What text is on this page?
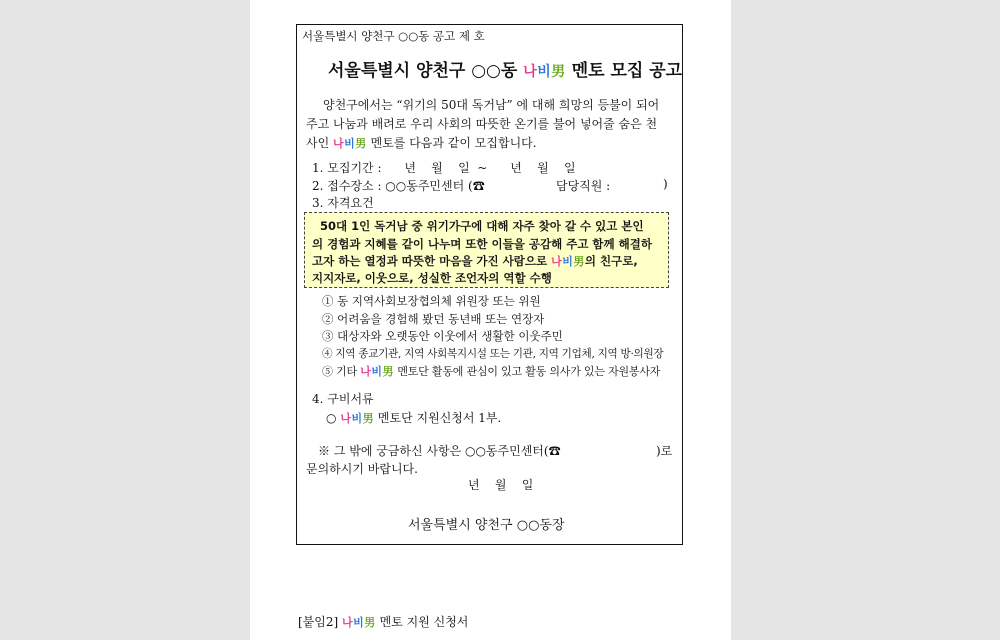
서울특별시 양천구 ○○동 공고 제 호
서울특별시 양천구 ○○동 나비男 멘토 모집 공고
양천구에서는 “위기의 50대 독거남” 에 대해 희망의 등불이 되어
주고 나눔과 배려로 우리 사회의 따뜻한 온기를 불어 넣어줄 숨은 천
사인 나비男 멘토를 다음과 같이 모집합니다.
1. 모집기간 :      년    월    일  ~      년    월    일
2. 접수장소 : ○○동주민센터 (☎	담당직원 :	)
3. 자격요건
50대 1인 독거남 중 위기가구에 대해 자주 찾아 갈 수 있고 본인
의 경험과 지혜를 같이 나누며 또한 이들을 공감해 주고 함께 해결하
고자 하는 열정과 따뜻한 마음을 가진 사람으로 나비男의 친구로,
지지자로, 이웃으로, 성실한 조언자의 역할 수행
① 동 지역사회보장협의체 위원장 또는 위원
② 어려움을 경험해 봤던 동년배 또는 연장자
③ 대상자와 오랫동안 이웃에서 생활한 이웃주민
④ 지역 종교기관, 지역 사회복지시설 또는 기관, 지역 기업체, 지역 방·의원장
⑤ 기타 나비男 멘토단 활동에 관심이 있고 활동 의사가 있는 자원봉사자
4. 구비서류
○ 나비男 멘토단 지원신청서 1부.
※ 그 밖에 궁금하신 사항은 ○○동주민센터(☎	)로
문의하시기 바랍니다.
년    월    일
서울특별시 양천구 ○○동장
[붙임2] 나비男 멘토 지원 신청서
